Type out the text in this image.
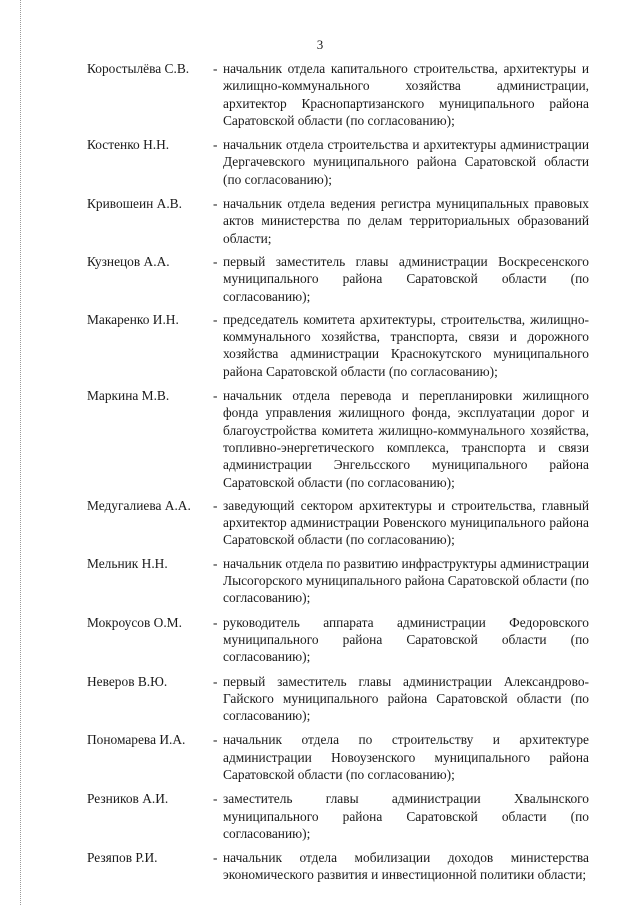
3
Коростылёва С.В. - начальник отдела капитального строительства, архитектуры и жилищно-коммунального хозяйства администрации, архитектор Краснопартизанского муниципального района Саратовской области (по согласованию);
Костенко Н.Н.	- начальник отдела строительства и архитектуры администрации Дергачевского муниципального района Саратовской области (по согласованию);
Кривошеин А.В. - начальник отдела ведения регистра муниципальных правовых актов министерства по делам территориальных образований области;
Кузнецов А.А.	- первый заместитель главы администрации Воскресенского муниципального района Саратовской области (по согласованию);
Макаренко И.Н.	- председатель комитета архитектуры, строительства, жилищно-коммунального хозяйства, транспорта, связи и дорожного хозяйства администрации Краснокутского муниципального района Саратовской области (по согласованию);
Маркина М.В.	- начальник отдела перевода и перепланировки жилищного фонда управления жилищного фонда, эксплуатации дорог и благоустройства комитета жилищно-коммунального хозяйства, топливно-энергетического комплекса, транспорта и связи администрации Энгельсского муниципального района Саратовской области (по согласованию);
Медугалиева А.А. - заведующий сектором архитектуры и строительства, главный архитектор администрации Ровенского муниципального района Саратовской области (по согласованию);
Мельник Н.Н.	- начальник отдела по развитию инфраструктуры администрации Лысогорского муниципального района Саратовской области (по согласованию);
Мокроусов О.М. - руководитель аппарата администрации Федоровского муниципального района Саратовской области (по согласованию);
Неверов В.Ю.	- первый заместитель главы администрации Александрово-Гайского муниципального района Саратовской области (по согласованию);
Пономарева И.А. - начальник отдела по строительству и архитектуре администрации Новоузенского муниципального района Саратовской области (по согласованию);
Резников А.И.	- заместитель главы администрации Хвалынского муниципального района Саратовской области (по согласованию);
Резяпов Р.И.	- начальник отдела мобилизации доходов министерства экономического развития и инвестиционной политики области;
